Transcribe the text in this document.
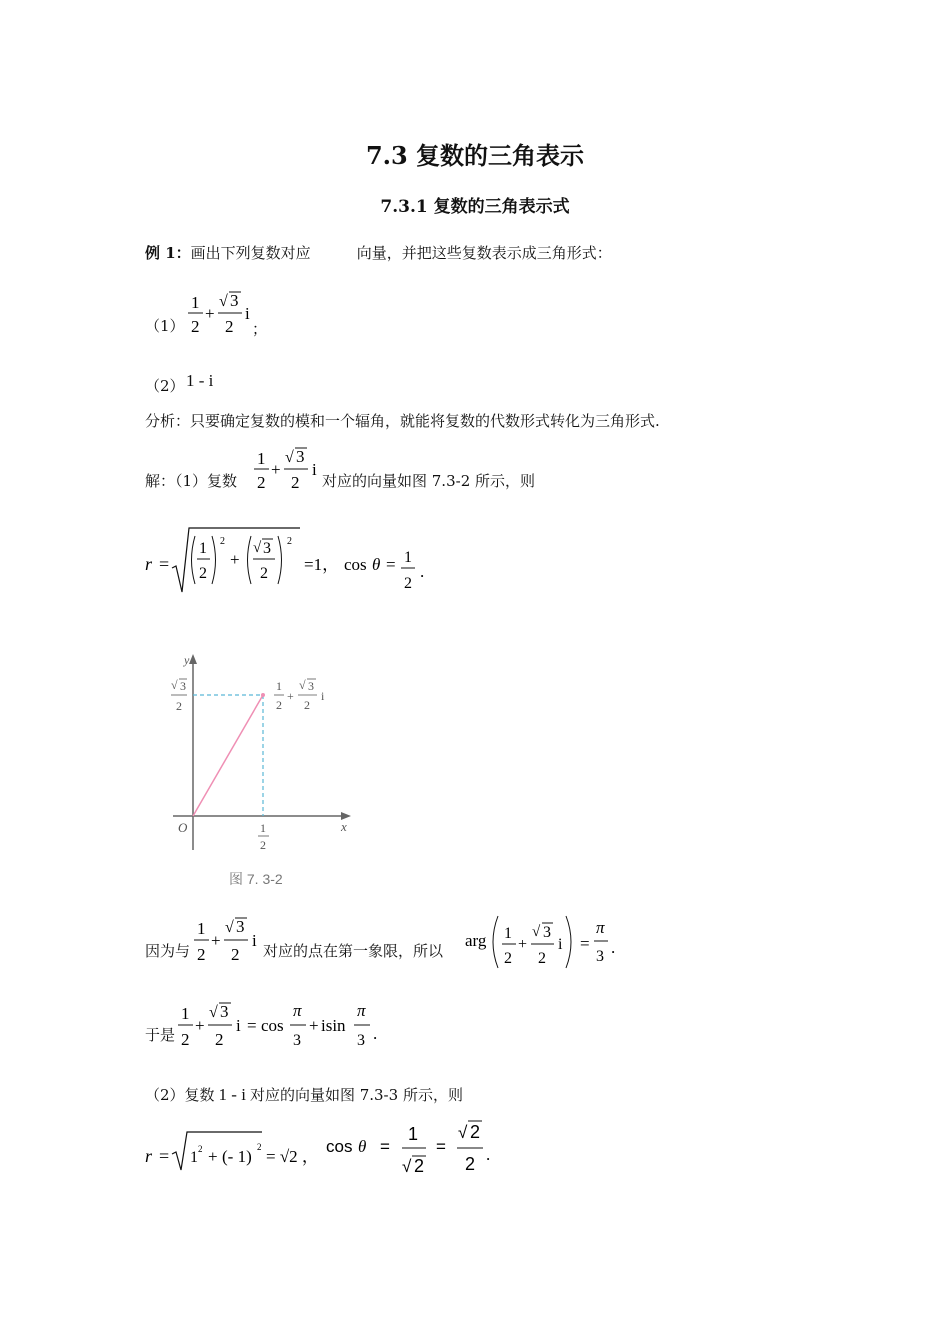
7.3 复数的三角表示
7.3.1 复数的三角表示式
例 1：画出下列复数对应	向量，并把这些复数表示成三角形式：
（1）
1
2
+
√ 3
2
i
；
（2） 1 - i
分析：只要确定复数的模和一个辐角，就能将复数的代数形式转化为三角形式.
解：（1）复数
1
2
+
√ 3
2
i
对应的向量如图 7.3-2 所示，则
r =
1
2
2
+
√ 3
2
2
=1， cos θ = 1
2
.
y
x
O
√ 3
2
1
2
1
2
+
√ 3
2
i
图 7. 3-2
因为与
1
2
+
√ 3
2
i
对应的点在第一象限，所以
arg 1
2
+
√ 3
2
i =
π
3 .
于是
1
2
+
√ 3
2
i = cos
π
3
+ isin
π
3 .
（2）复数 1 - i 对应的向量如图 7.3-3 所示，则
r = 1 2 + (- 1) 2 = √2 ，
cos θ =
1
√ 2
=
√ 2
2 .
